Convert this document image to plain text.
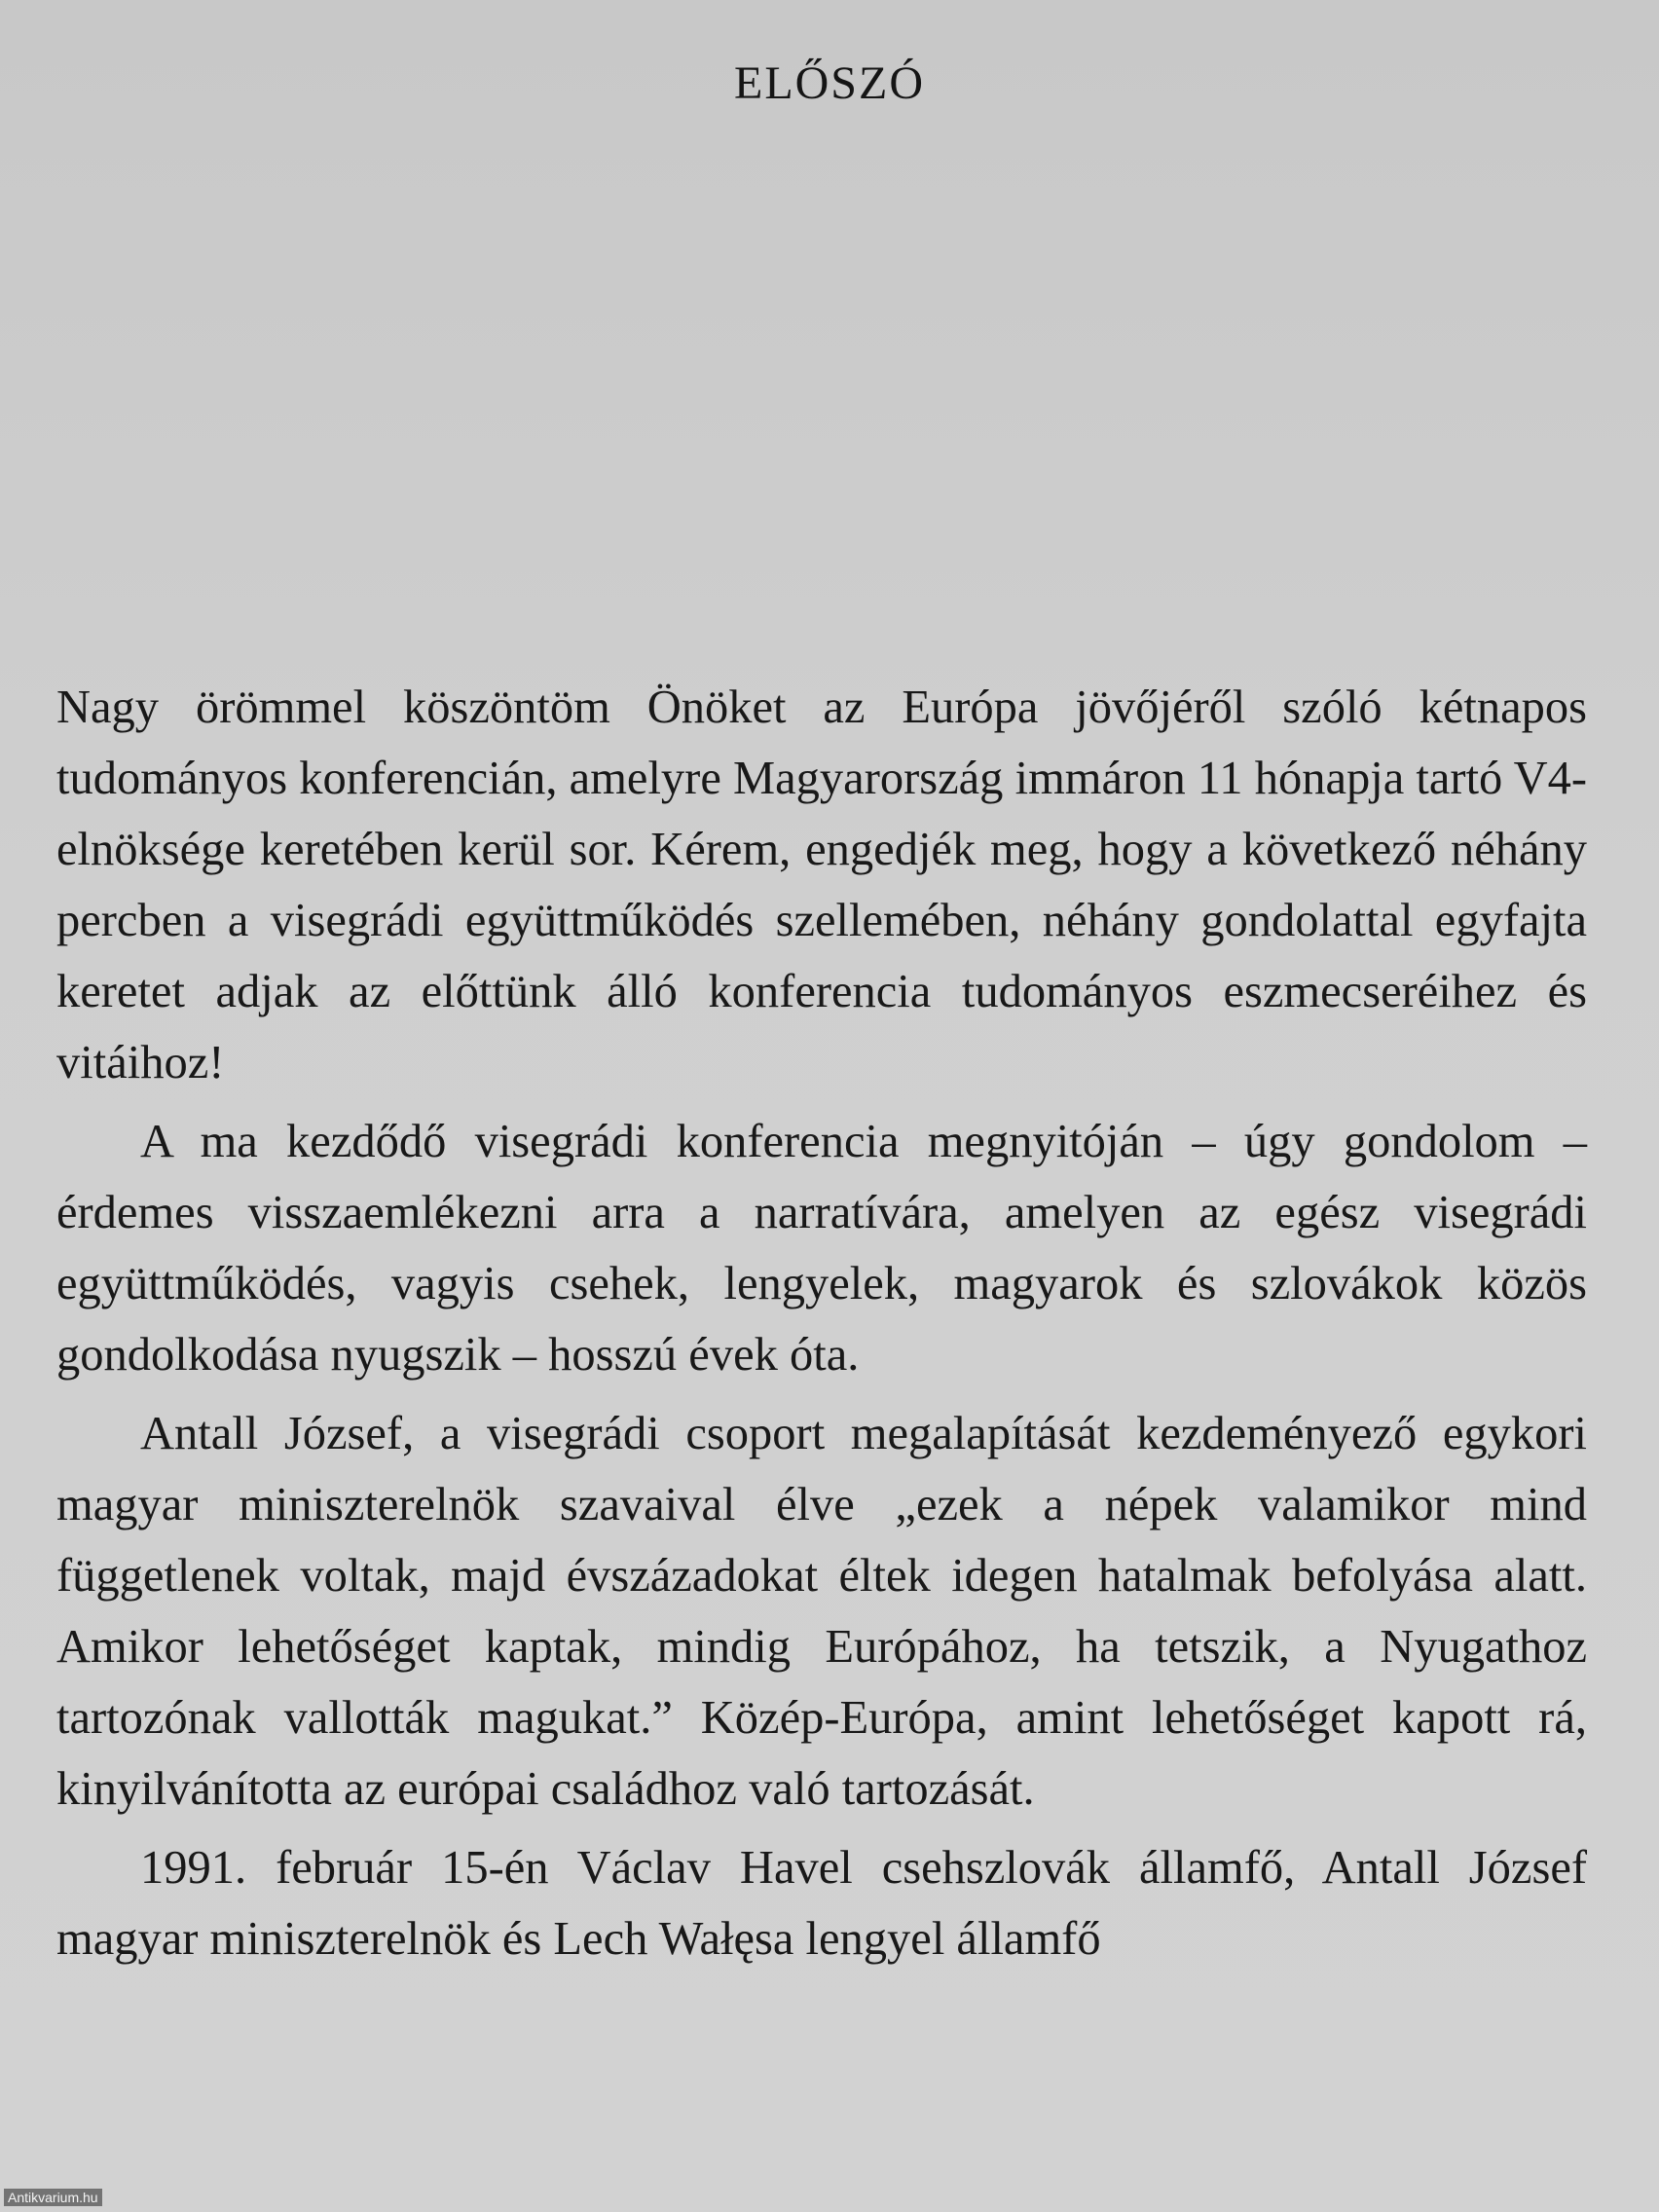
ELŐSZÓ

Nagy örömmel köszöntöm Önöket az Európa jövőjéről szóló kétnapos tudományos konferencián, amelyre Magyarország immáron 11 hónapja tartó V4-elnöksége keretében kerül sor. Kérem, engedjék meg, hogy a következő néhány percben a visegrádi együttműködés szellemében, néhány gondolattal egyfajta keretet adjak az előttünk álló konferencia tudományos eszmecseréihez és vitáihoz!

A ma kezdődő visegrádi konferencia megnyitóján – úgy gondolom – érdemes visszaemlékezni arra a narratívára, amelyen az egész visegrádi együttműködés, vagyis csehek, lengyelek, magyarok és szlovákok közös gondolkodása nyugszik – hosszú évek óta.

Antall József, a visegrádi csoport megalapítását kezdeményező egykori magyar miniszterelnök szavaival élve „ezek a népek valamikor mind függetlenek voltak, majd évszázadokat éltek idegen hatalmak befolyása alatt. Amikor lehetőséget kaptak, mindig Európához, ha tetszik, a Nyugathoz tartozónak vallották magukat.” Közép-Európa, amint lehetőséget kapott rá, kinyilvánította az európai családhoz való tartozását.

1991. február 15-én Václav Havel csehszlovák államfő, Antall József magyar miniszterelnök és Lech Wałęsa lengyel államfő

Antikvarium.hu
